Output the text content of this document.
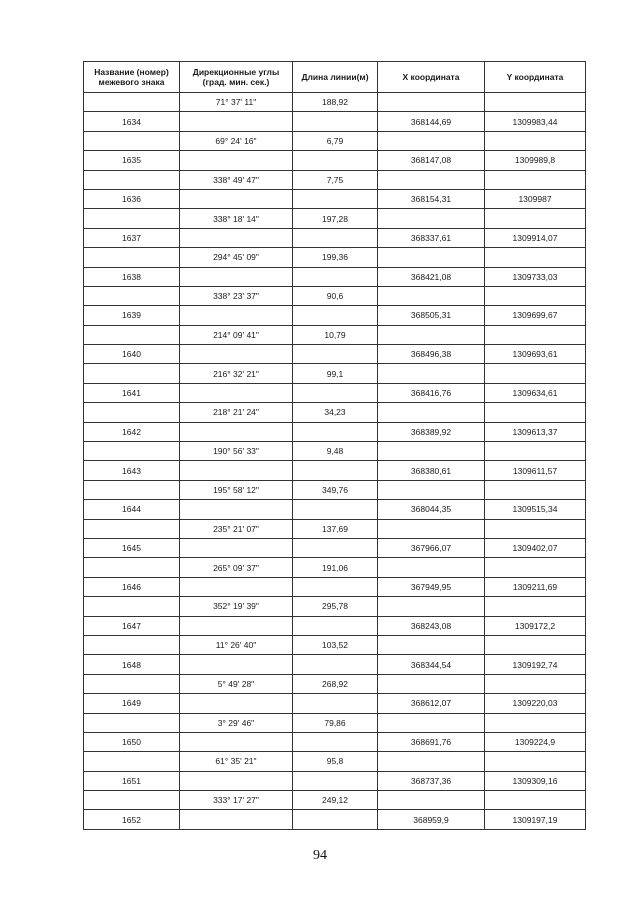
Название (номер) межевого знака	Дирекционные углы (град. мин. сек.)	Длина линии(м)	X координата	Y координата
	71° 37' 11"	188,92		
1634			368144,69	1309983,44
	69° 24' 16"	6,79		
1635			368147,08	1309989,8
	338° 49' 47"	7,75		
1636			368154,31	1309987
	338° 18' 14"	197,28		
1637			368337,61	1309914,07
	294° 45' 09"	199,36		
1638			368421,08	1309733,03
	338° 23' 37"	90,6		
1639			368505,31	1309699,67
	214° 09' 41"	10,79		
1640			368496,38	1309693,61
	216° 32' 21"	99,1		
1641			368416,76	1309634,61
	218° 21' 24"	34,23		
1642			368389,92	1309613,37
	190° 56' 33"	9,48		
1643			368380,61	1309611,57
	195° 58' 12"	349,76		
1644			368044,35	1309515,34
	235° 21' 07"	137,69		
1645			367966,07	1309402,07
	265° 09' 37"	191,06		
1646			367949,95	1309211,69
	352° 19' 39"	295,78		
1647			368243,08	1309172,2
	11° 26' 40"	103,52		
1648			368344,54	1309192,74
	5° 49' 28"	268,92		
1649			368612,07	1309220,03
	3° 29' 46"	79,86		
1650			368691,76	1309224,9
	61° 35' 21"	95,8		
1651			368737,36	1309309,16
	333° 17' 27"	249,12		
1652			368959,9	1309197,19
94
